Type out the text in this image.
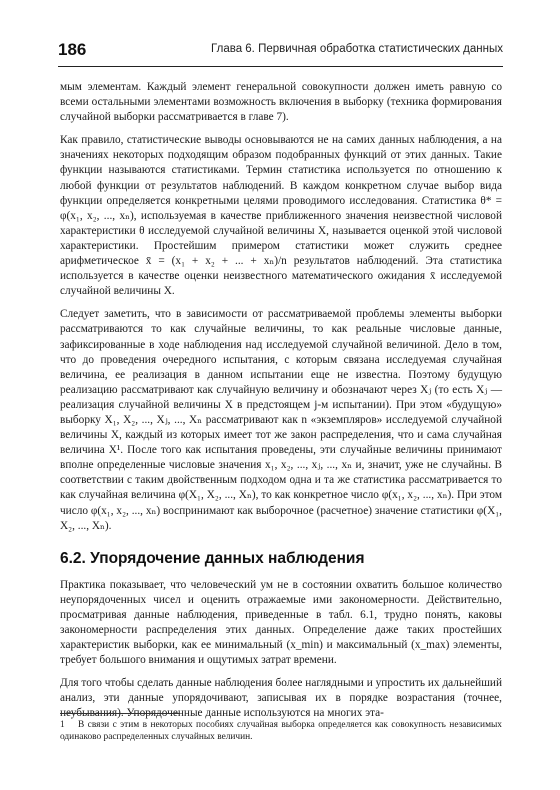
186	Глава 6. Первичная обработка статистических данных

мым элементам. Каждый элемент генеральной совокупности должен иметь равную со всеми остальными элементами возможность включения в выборку (техника формирования случайной выборки рассматривается в главе 7).

Как правило, статистические выводы основываются не на самих данных наблюдения, а на значениях некоторых подходящим образом подобранных функций от этих данных. Такие функции называются статистиками. Термин статистика используется по отношению к любой функции от результатов наблюдений. В каждом конкретном случае выбор вида функции определяется конкретными целями проводимого исследования. Статистика θ* = φ(x₁, x₂, ..., xₙ), используемая в качестве приближенного значения неизвестной числовой характеристики θ исследуемой случайной величины X, называется оценкой этой числовой характеристики. Простейшим примером статистики может служить среднее арифметическое x̄ = (x₁ + x₂ + ... + xₙ)/n результатов наблюдений. Эта статистика используется в качестве оценки неизвестного математического ожидания x̄ исследуемой случайной величины X.

Следует заметить, что в зависимости от рассматриваемой проблемы элементы выборки рассматриваются то как случайные величины, то как реальные числовые данные, зафиксированные в ходе наблюдения над исследуемой случайной величиной. Дело в том, что до проведения очередного испытания, с которым связана исследуемая случайная величина, ее реализация в данном испытании еще не известна. Поэтому будущую реализацию рассматривают как случайную величину и обозначают через Xⱼ (то есть Xⱼ — реализация случайной величины X в предстоящем j-м испытании). При этом «будущую» выборку X₁, X₂, ..., Xⱼ, ..., Xₙ рассматривают как n «экземпляров» исследуемой случайной величины X, каждый из которых имеет тот же закон распределения, что и сама случайная величина X¹. После того как испытания проведены, эти случайные величины принимают вполне определенные числовые значения x₁, x₂, ..., xⱼ, ..., xₙ и, значит, уже не случайны. В соответствии с таким двойственным подходом одна и та же статистика рассматривается то как случайная величина φ(X₁, X₂, ..., Xₙ), то как конкретное число φ(x₁, x₂, ..., xₙ). При этом число φ(x₁, x₂, ..., xₙ) воспринимают как выборочное (расчетное) значение статистики φ(X₁, X₂, ..., Xₙ).

6.2. Упорядочение данных наблюдения

Практика показывает, что человеческий ум не в состоянии охватить большое количество неупорядоченных чисел и оценить отражаемые ими закономерности. Действительно, просматривая данные наблюдения, приведенные в табл. 6.1, трудно понять, каковы закономерности распределения этих данных. Определение даже таких простейших характеристик выборки, как ее минимальный (x_min) и максимальный (x_max) элементы, требует большого внимания и ощутимых затрат времени.

Для того чтобы сделать данные наблюдения более наглядными и упростить их дальнейший анализ, эти данные упорядочивают, записывая их в порядке возрастания (точнее, неубывания). Упорядоченные данные используются на многих эта-

1 В связи с этим в некоторых пособиях случайная выборка определяется как совокупность независимых одинаково распределенных случайных величин.
